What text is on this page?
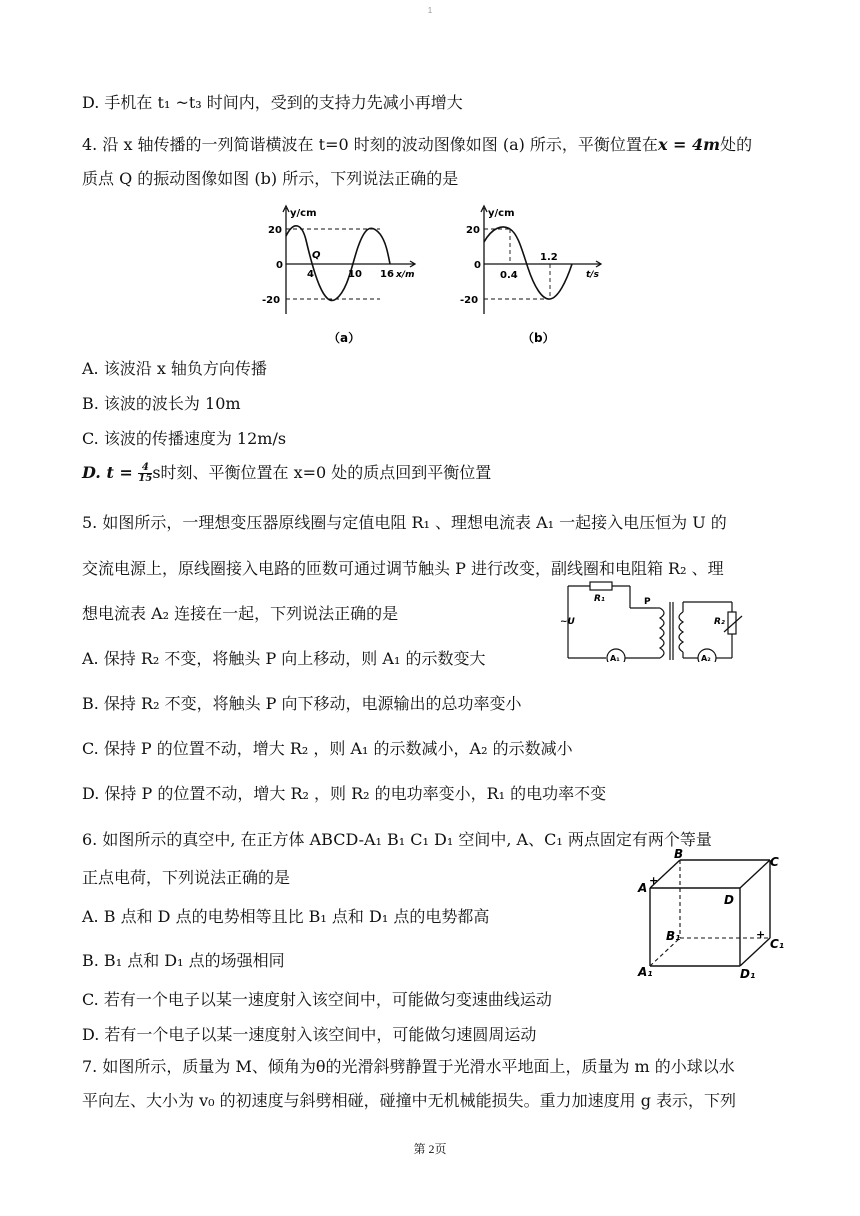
1
D. 手机在 t₁ ~t₃ 时间内，受到的支持力先减小再增大
4. 沿 x 轴传播的一列简谐横波在 t=0 时刻的波动图像如图 (a) 所示，平衡位置在x = 4m处的
质点 Q 的振动图像如图 (b) 所示，下列说法正确的是
y/cm
20
0
-20
4	10 16 x/m
Q
（a）
y/cm
20
0
-20
0.4
1.2
t/s
（b）
A. 该波沿 x 轴负方向传播
B. 该波的波长为 10m
C. 该波的传播速度为 12m/s
D. $t = \frac{4}{15}$ s时刻、平衡位置在 x=0 处的质点回到平衡位置
5. 如图所示，一理想变压器原线圈与定值电阻 R₁ 、理想电流表 A₁ 一起接入电压恒为 U 的
交流电源上，原线圈接入电路的匝数可通过调节触头 P 进行改变，副线圈和电阻箱 R₂ 、理
想电流表 A₂ 连接在一起，下列说法正确的是
R₁
~U
P
R₂
A₁	A₂
A. 保持 R₂ 不变，将触头 P 向上移动，则 A₁ 的示数变大
B. 保持 R₂ 不变，将触头 P 向下移动，电源输出的总功率变小
C. 保持 P 的位置不动，增大 R₂ ，则 A₁ 的示数减小，A₂ 的示数减小
D. 保持 P 的位置不动，增大 R₂ ，则 R₂ 的电功率变小，R₁ 的电功率不变
6. 如图所示的真空中, 在正方体 ABCD-A₁ B₁ C₁ D₁ 空间中, A、C₁ 两点固定有两个等量
正点电荷，下列说法正确的是
B
C
A
+
D
B₁	+
C₁
A₁	D₁
A. B 点和 D 点的电势相等且比 B₁ 点和 D₁ 点的电势都高
B. B₁ 点和 D₁ 点的场强相同
C. 若有一个电子以某一速度射入该空间中，可能做匀变速曲线运动
D. 若有一个电子以某一速度射入该空间中，可能做匀速圆周运动
7. 如图所示，质量为 M、倾角为θ的光滑斜劈静置于光滑水平地面上，质量为 m 的小球以水
平向左、大小为 v₀ 的初速度与斜劈相碰，碰撞中无机械能损失。重力加速度用 g 表示，下列
第 2页
